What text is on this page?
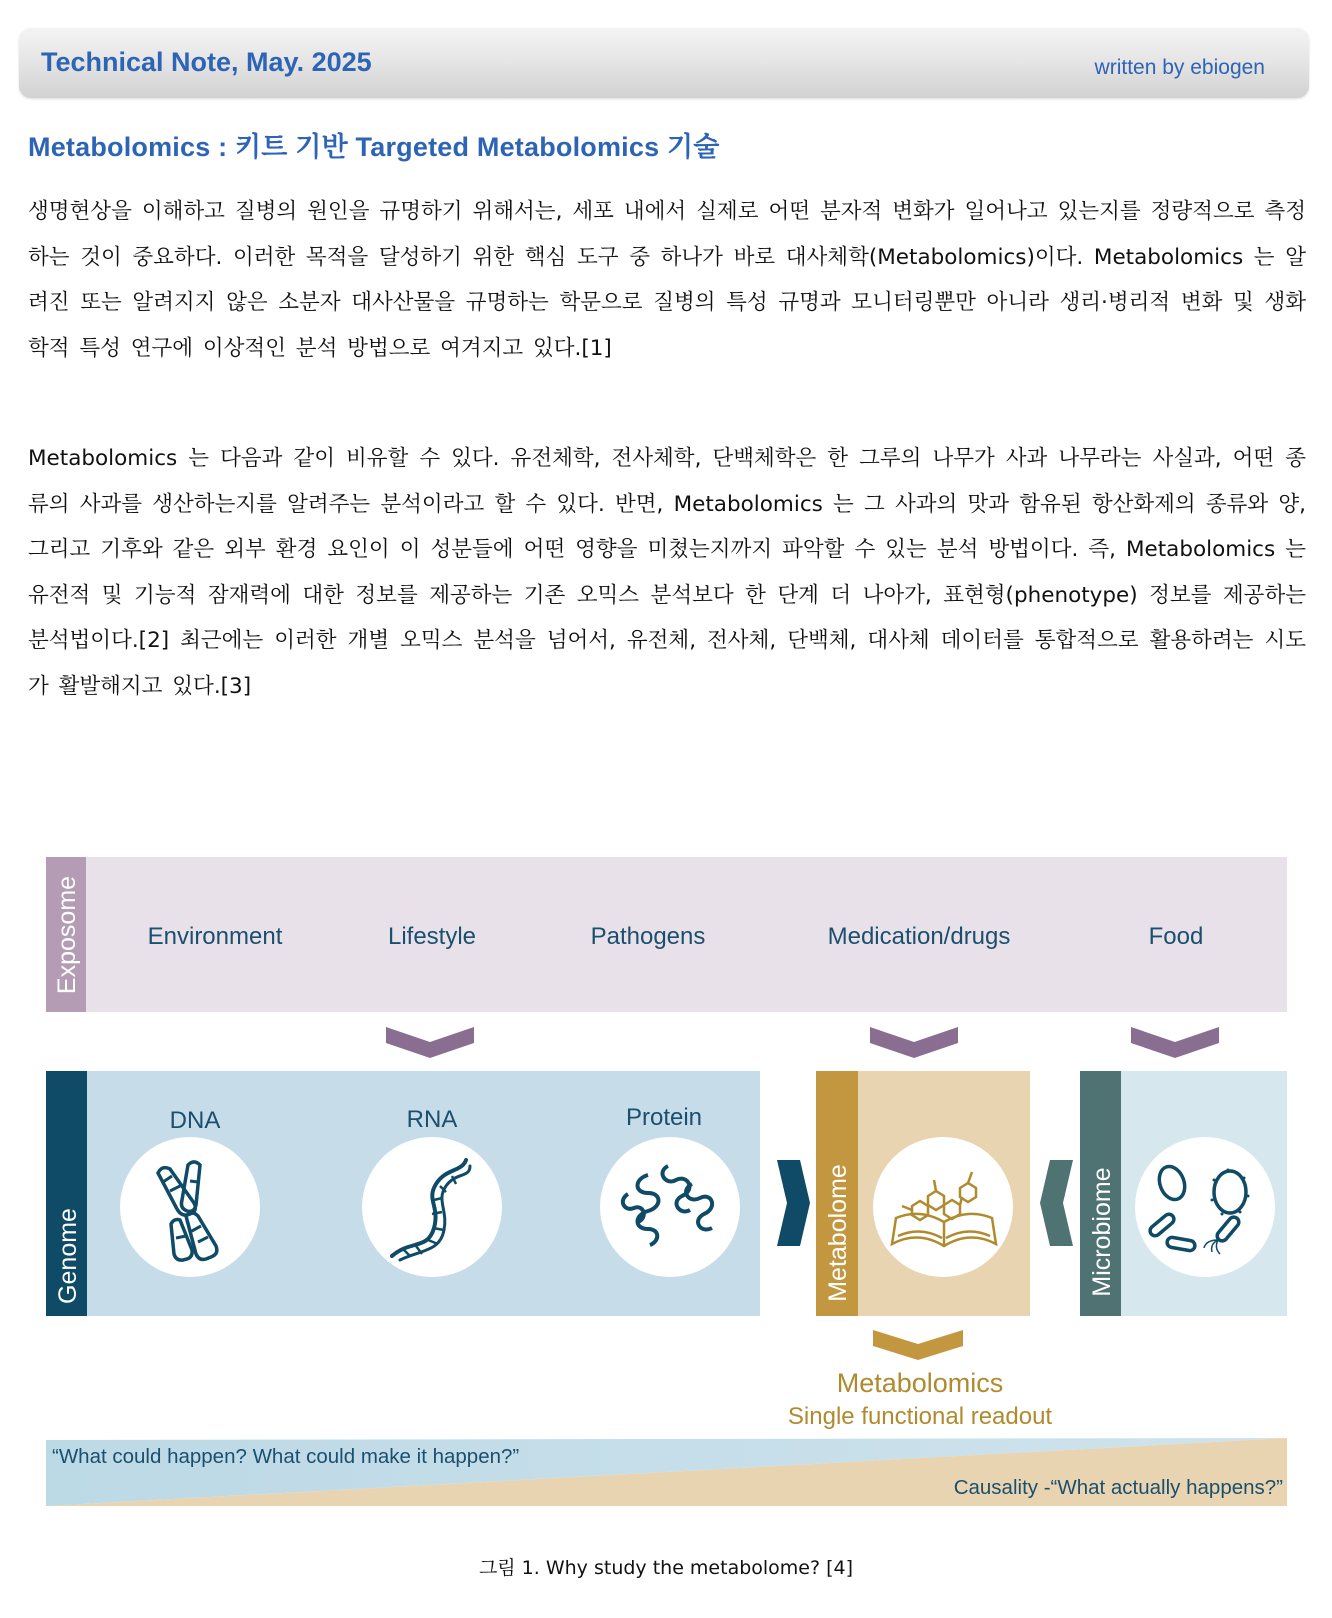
Technical Note, May. 2025	written by ebiogen
Metabolomics : 키트 기반 Targeted Metabolomics 기술
생명현상을 이해하고 질병의 원인을 규명하기 위해서는, 세포 내에서 실제로 어떤 분자적 변화가 일어나고 있는지를 정량적으로 측정하는 것이 중요하다. 이러한 목적을 달성하기 위한 핵심 도구 중 하나가 바로 대사체학(Metabolomics)이다. Metabolomics 는 알려진 또는 알려지지 않은 소분자 대사산물을 규명하는 학문으로 질병의 특성 규명과 모니터링뿐만 아니라 생리·병리적 변화 및 생화학적 특성 연구에 이상적인 분석 방법으로 여겨지고 있다.[1]
Metabolomics 는 다음과 같이 비유할 수 있다. 유전체학, 전사체학, 단백체학은 한 그루의 나무가 사과 나무라는 사실과, 어떤 종류의 사과를 생산하는지를 알려주는 분석이라고 할 수 있다. 반면, Metabolomics 는 그 사과의 맛과 함유된 항산화제의 종류와 양, 그리고 기후와 같은 외부 환경 요인이 이 성분들에 어떤 영향을 미쳤는지까지 파악할 수 있는 분석 방법이다. 즉, Metabolomics 는 유전적 및 기능적 잠재력에 대한 정보를 제공하는 기존 오믹스 분석보다 한 단계 더 나아가, 표현형(phenotype) 정보를 제공하는 분석법이다.[2] 최근에는 이러한 개별 오믹스 분석을 넘어서, 유전체, 전사체, 단백체, 대사체 데이터를 통합적으로 활용하려는 시도가 활발해지고 있다.[3]
Exposome	Environment	Lifestyle	Pathogens	Medication/drugs	Food
Genome
DNA	RNA	Protein
Metabolome	Microbiome
Metabolomics
Single functional readout
“What could happen? What could make it happen?”
Causality -“What actually happens?”
그림 1. Why study the metabolome? [4]
